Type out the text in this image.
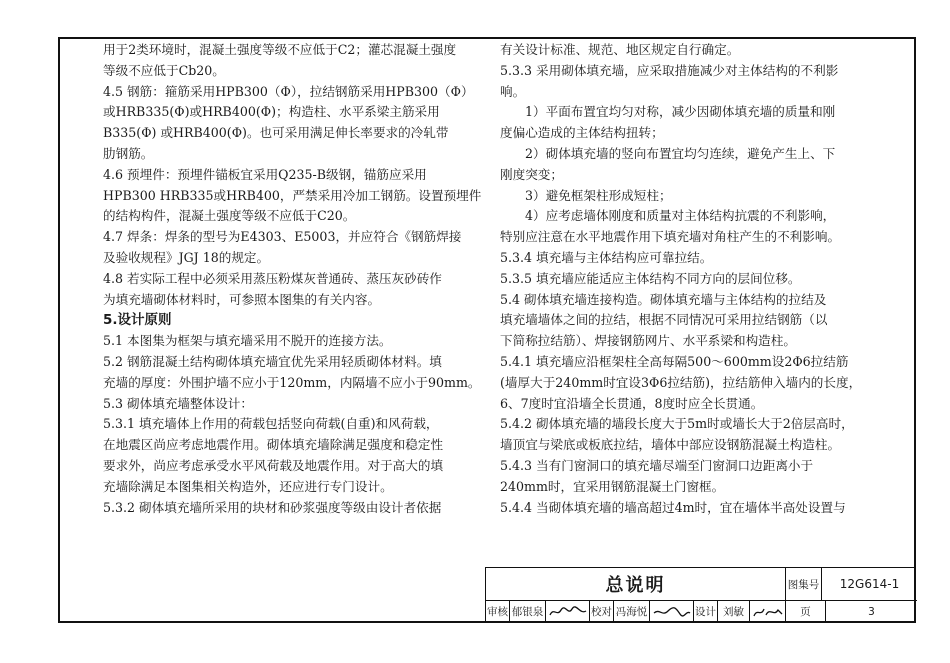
用于2类环境时，混凝土强度等级不应低于C2；灌芯混凝土强度
等级不应低于Cb20。
4.5 钢筋：箍筋采用HPB300（Φ），拉结钢筋采用HPB300（Φ）
或HRB335(Φ)或HRB400(Φ)；构造柱、水平系梁主筋采用
B335(Φ) 或HRB400(Φ)。也可采用满足伸长率要求的冷轧带
肋钢筋。
4.6 预埋件：预埋件锚板宜采用Q235-B级钢，锚筋应采用
HPB300 HRB335或HRB400，严禁采用冷加工钢筋。设置预埋件
的结构构件，混凝土强度等级不应低于C20。
4.7 焊条：焊条的型号为E4303、E5003，并应符合《钢筋焊接
及验收规程》JGJ 18的规定。
4.8 若实际工程中必须采用蒸压粉煤灰普通砖、蒸压灰砂砖作
为填充墙砌体材料时，可参照本图集的有关内容。
5.设计原则
5.1 本图集为框架与填充墙采用不脱开的连接方法。
5.2 钢筋混凝土结构砌体填充墙宜优先采用轻质砌体材料。填
充墙的厚度：外围护墙不应小于120mm，内隔墙不应小于90mm。
5.3 砌体填充墙整体设计：
5.3.1 填充墙体上作用的荷载包括竖向荷载(自重)和风荷载，
在地震区尚应考虑地震作用。砌体填充墙除满足强度和稳定性
要求外，尚应考虑承受水平风荷载及地震作用。对于高大的填
充墙除满足本图集相关构造外，还应进行专门设计。
5.3.2 砌体填充墙所采用的块材和砂浆强度等级由设计者依据
有关设计标准、规范、地区规定自行确定。
5.3.3 采用砌体填充墙，应采取措施减少对主体结构的不利影
响。
1）平面布置宜均匀对称，减少因砌体填充墙的质量和刚
度偏心造成的主体结构扭转；
2）砌体填充墙的竖向布置宜均匀连续，避免产生上、下
刚度突变；
3）避免框架柱形成短柱；
4）应考虑墙体刚度和质量对主体结构抗震的不利影响，
特别应注意在水平地震作用下填充墙对角柱产生的不利影响。
5.3.4 填充墙与主体结构应可靠拉结。
5.3.5 填充墙应能适应主体结构不同方向的层间位移。
5.4 砌体填充墙连接构造。砌体填充墙与主体结构的拉结及
填充墙墙体之间的拉结，根据不同情况可采用拉结钢筋（以
下简称拉结筋）、焊接钢筋网片、水平系梁和构造柱。
5.4.1 填充墙应沿框架柱全高每隔500～600mm设2Φ6拉结筋
(墙厚大于240mm时宜设3Φ6拉结筋)，拉结筋伸入墙内的长度，
6、7度时宜沿墙全长贯通，8度时应全长贯通。
5.4.2 砌体填充墙的墙段长度大于5m时或墙长大于2倍层高时，
墙顶宜与梁底或板底拉结，墙体中部应设钢筋混凝土构造柱。
5.4.3 当有门窗洞口的填充墙尽端至门窗洞口边距离小于
240mm时，宜采用钢筋混凝土门窗框。
5.4.4 当砌体填充墙的墙高超过4m时，宜在墙体半高处设置与
总说明	图集号	12G614-1
审核 郁银泉	校对 冯海悦	设计 刘敏	页	3
